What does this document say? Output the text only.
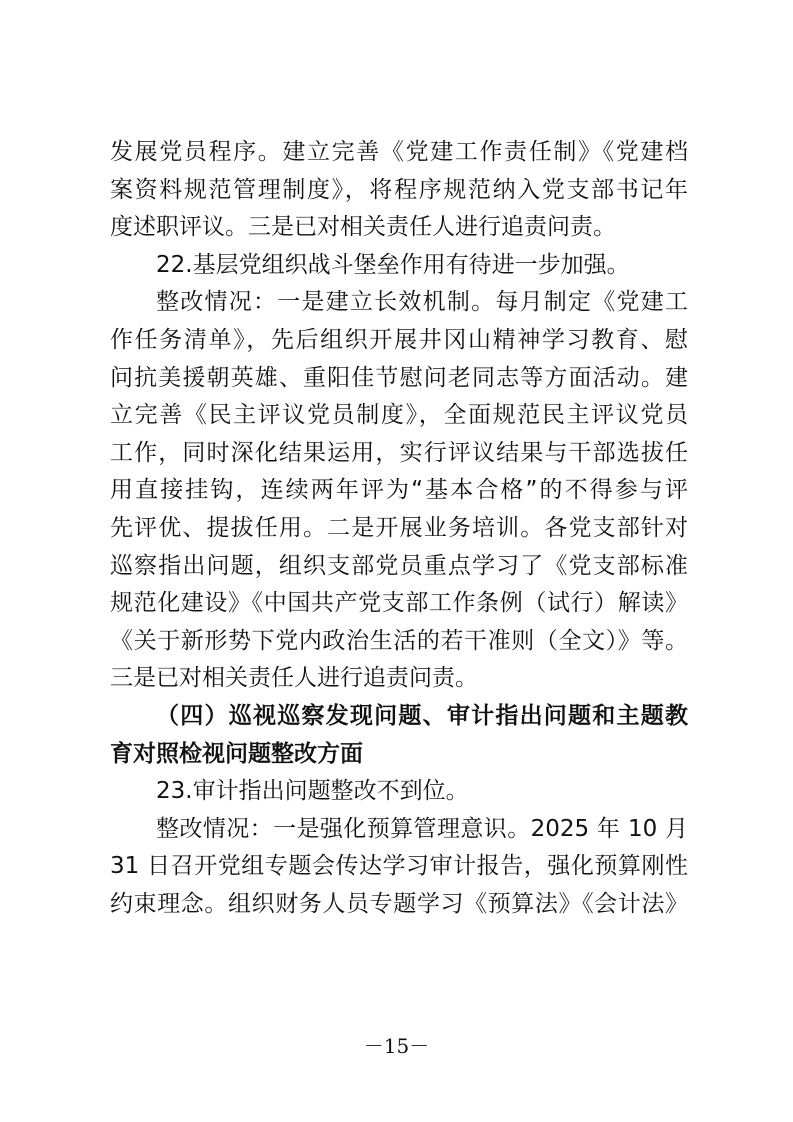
发展党员程序。建立完善《党建工作责任制》《党建档
案资料规范管理制度》，将程序规范纳入党支部书记年
度述职评议。三是已对相关责任人进行追责问责。
22.基层党组织战斗堡垒作用有待进一步加强。
整改情况：一是建立长效机制。每月制定《党建工
作任务清单》，先后组织开展井冈山精神学习教育、慰
问抗美援朝英雄、重阳佳节慰问老同志等方面活动。建
立完善《民主评议党员制度》，全面规范民主评议党员
工作，同时深化结果运用，实行评议结果与干部选拔任
用直接挂钩，连续两年评为“基本合格”的不得参与评
先评优、提拔任用。二是开展业务培训。各党支部针对
巡察指出问题，组织支部党员重点学习了《党支部标准
规范化建设》《中国共产党支部工作条例（试行）解读》
《关于新形势下党内政治生活的若干准则（全文）》等。
三是已对相关责任人进行追责问责。
（四）巡视巡察发现问题、审计指出问题和主题教
育对照检视问题整改方面
23.审计指出问题整改不到位。
整改情况：一是强化预算管理意识。2025 年 10 月
31 日召开党组专题会传达学习审计报告，强化预算刚性
约束理念。组织财务人员专题学习《预算法》《会计法》
－15－
